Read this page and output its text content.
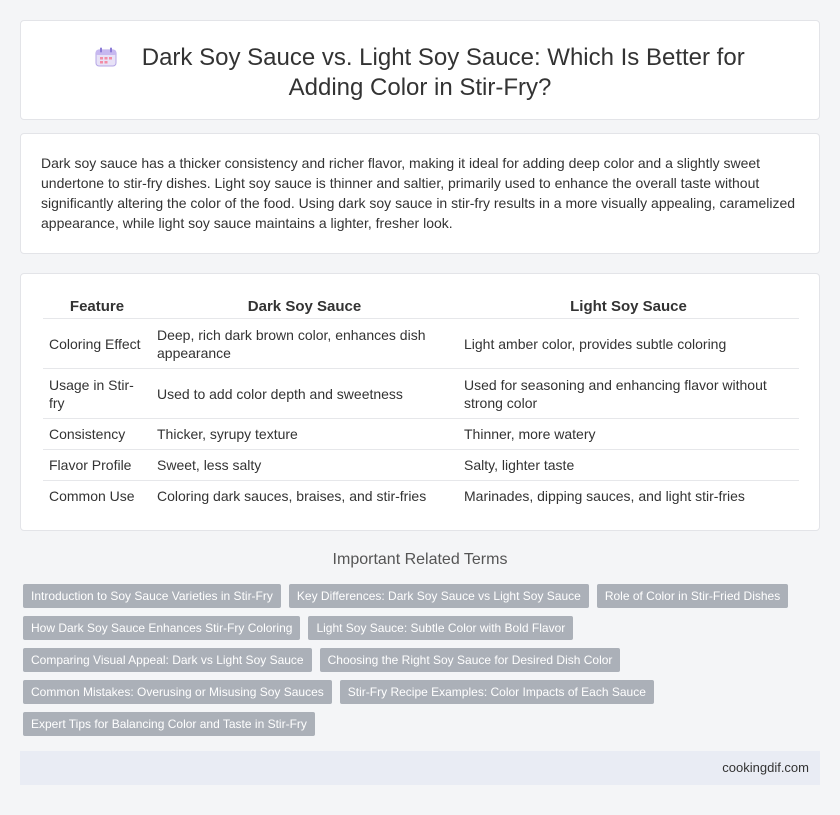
Dark Soy Sauce vs. Light Soy Sauce: Which Is Better for Adding Color in Stir-Fry?

Dark soy sauce has a thicker consistency and richer flavor, making it ideal for adding deep color and a slightly sweet undertone to stir-fry dishes. Light soy sauce is thinner and saltier, primarily used to enhance the overall taste without significantly altering the color of the food. Using dark soy sauce in stir-fry results in a more visually appealing, caramelized appearance, while light soy sauce maintains a lighter, fresher look.

Feature	Dark Soy Sauce	Light Soy Sauce
Coloring Effect	Deep, rich dark brown color, enhances dish appearance	Light amber color, provides subtle coloring
Usage in Stir-fry	Used to add color depth and sweetness	Used for seasoning and enhancing flavor without strong color
Consistency	Thicker, syrupy texture	Thinner, more watery
Flavor Profile	Sweet, less salty	Salty, lighter taste
Common Use	Coloring dark sauces, braises, and stir-fries	Marinades, dipping sauces, and light stir-fries
Important Related Terms
Introduction to Soy Sauce Varieties in Stir-Fry	Key Differences: Dark Soy Sauce vs Light Soy Sauce	Role of Color in Stir-Fried Dishes
How Dark Soy Sauce Enhances Stir-Fry Coloring	Light Soy Sauce: Subtle Color with Bold Flavor
Comparing Visual Appeal: Dark vs Light Soy Sauce	Choosing the Right Soy Sauce for Desired Dish Color
Common Mistakes: Overusing or Misusing Soy Sauces	Stir-Fry Recipe Examples: Color Impacts of Each Sauce
Expert Tips for Balancing Color and Taste in Stir-Fry
cookingdif.com
